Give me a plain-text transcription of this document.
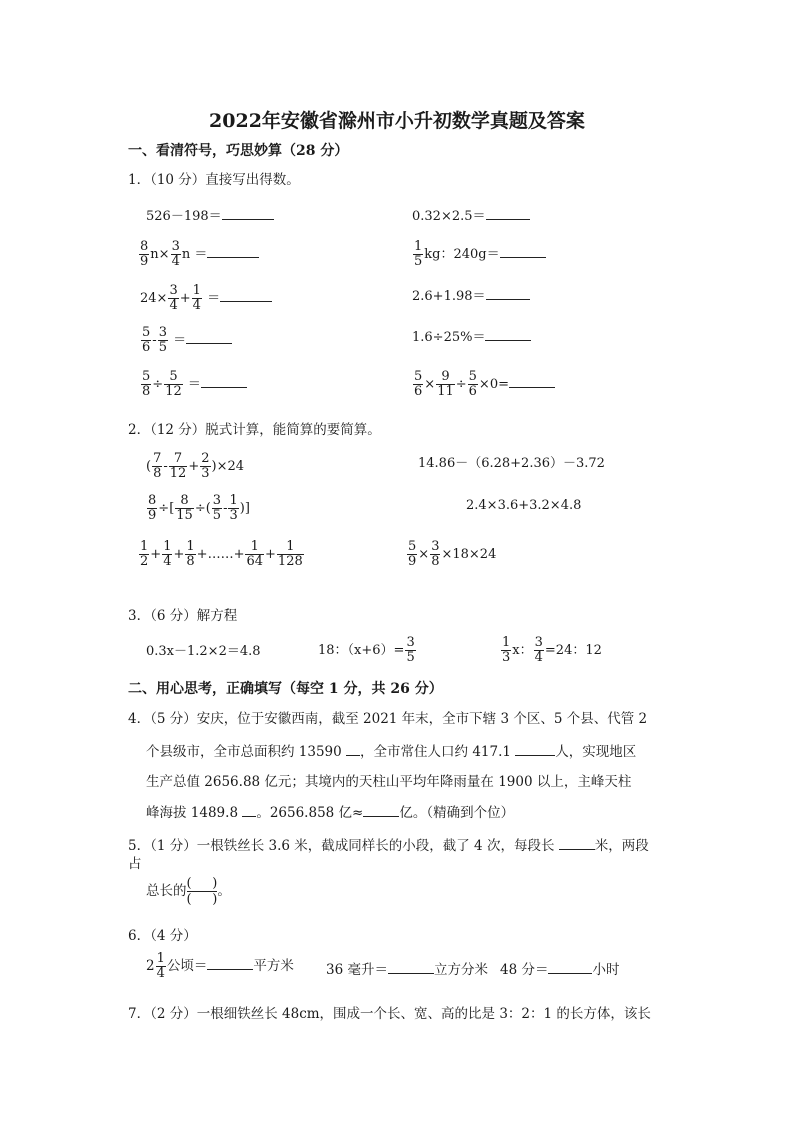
2022年安徽省滁州市小升初数学真题及答案
一、看清符号，巧思妙算（28 分）
1．（10 分）直接写出得数。
526－198＝	0.32×2.5＝
$\frac{8}{9} n\times \frac{3}{4}$ n ＝	$\frac{1}{5}$ kg：240g＝
$24\times \frac{3}{4} + \frac{1}{4}$ ＝	2.6+1.98＝
$\frac{5}{6} - \frac{3}{5}$ ＝	1.6÷25%＝
$\frac{5}{8} \div \frac{5}{12}$ ＝	$\frac{5}{6} \times \frac{9}{11} \div \frac{5}{6} \times 0=$
2．（12 分）脱式计算，能简算的要简算。
( $\frac{7}{8} - \frac{7}{12} + \frac{2}{3} )\times 24$	14.86－（6.28+2.36）－3.72
$\frac{8}{9}$ ÷[ $\frac{8}{15}$ ÷( $\frac{3}{5} - \frac{1}{3}$ )]	2.4×3.6+3.2×4.8
$\frac{1}{2} + \frac{1}{4} + \frac{1}{8}$ +……+ $\frac{1}{64} + \frac{1}{128}$	$\frac{5}{9} \times \frac{3}{8} \times 18\times 24$
3．（6 分）解方程
0.3x－1.2×2＝4.8	18：$(x+6)= \frac{3}{5}$	$\frac{1}{3}$ x： $\frac{3}{4} =24$：12
二、用心思考，正确填写（每空 1 分，共 26 分）
4．（5 分）安庆，位于安徽西南，截至 2021 年末，全市下辖 3 个区、5 个县、代管 2
个县级市，全市总面积约 13590 ，全市常住人口约 417.1	人，实现地区
生产总值 2656.88 亿元；其境内的天柱山平均年降雨量在 1900 以上，主峰天柱
峰海拔 1489.8 。2656.858 亿≈	亿。（精确到个位）
5．（1 分）一根铁丝长 3.6 米，截成同样长的小段，截了 4 次，每段长	米，两段
占
总长的 ( )
( )
。
6．（4 分）
$2 \frac{1}{4}$ 公顷＝	平方米 36 毫升＝	立方分米 48 分＝	小时
7．（2 分）一根细铁丝长 48cm，围成一个长、宽、高的比是 3：2：1 的长方体，该长
